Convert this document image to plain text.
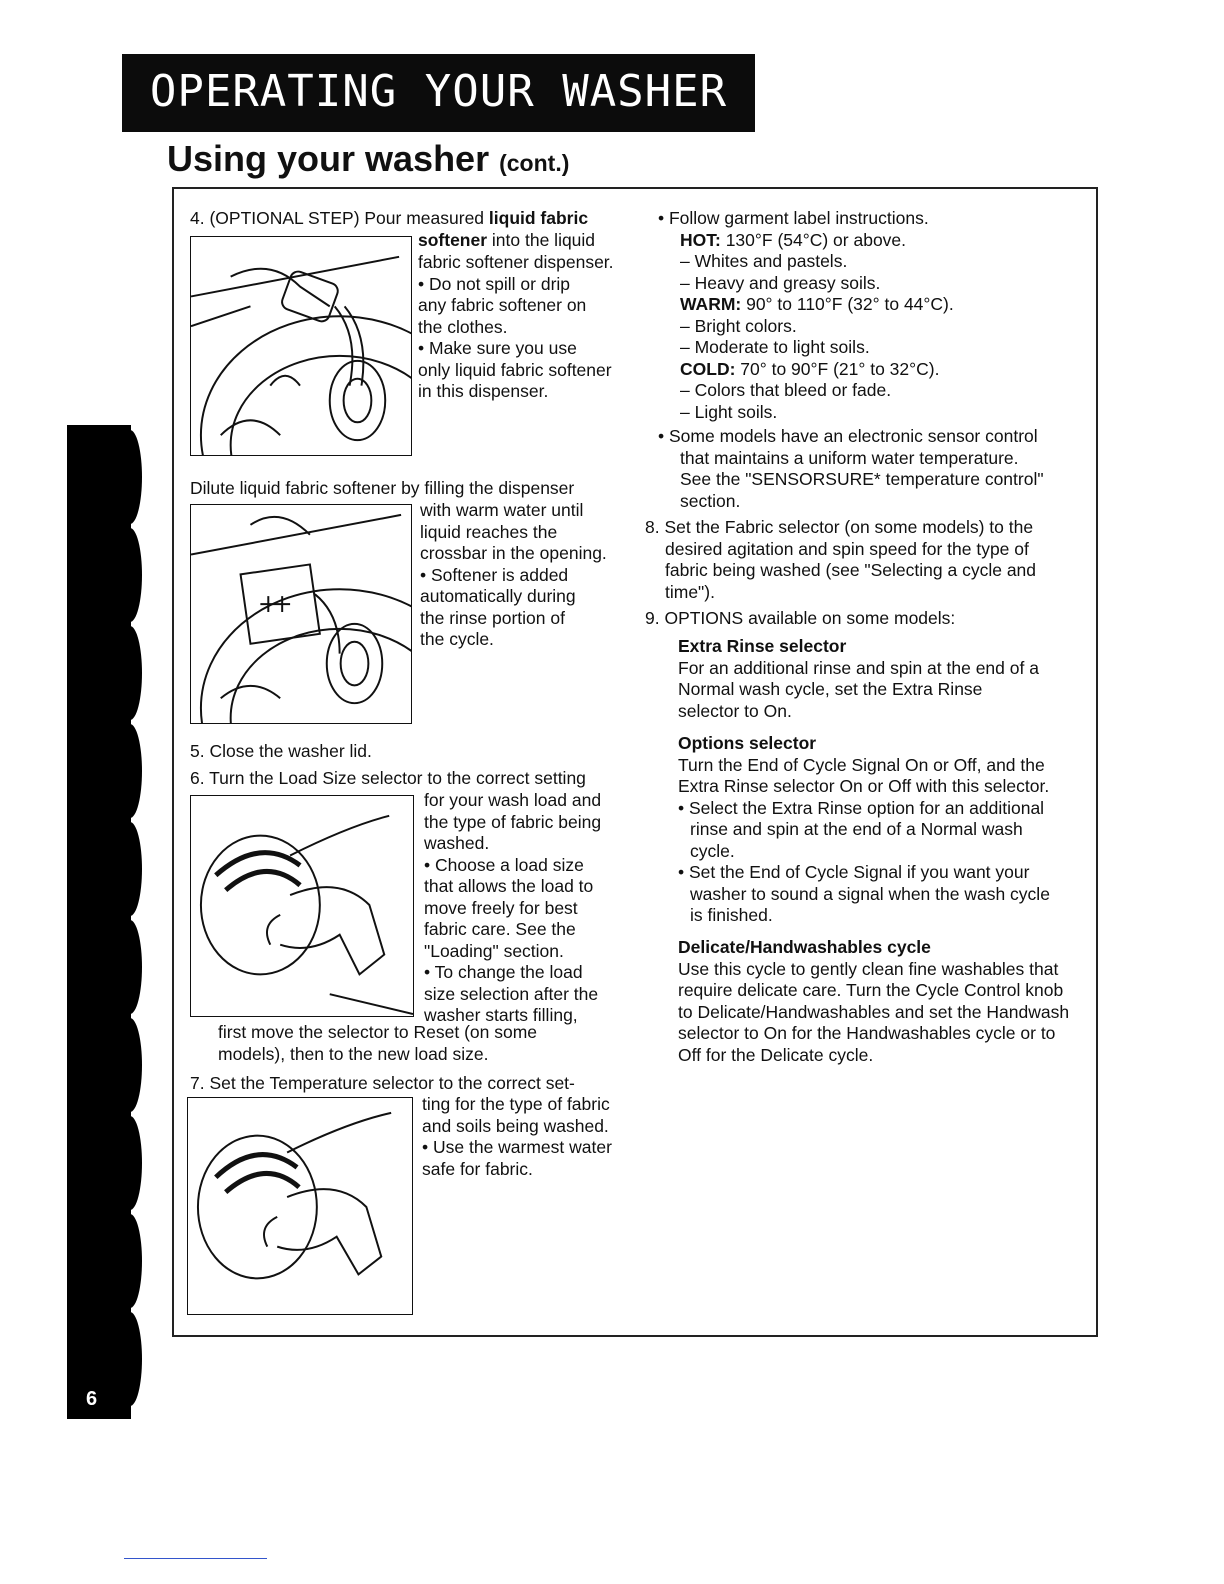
OPERATING YOUR WASHER
Using your washer (cont.)
6
4. (OPTIONAL STEP) Pour measured liquid fabric
softener into the liquid

fabric softener dispenser.

• Do not spill or drip

any fabric softener on

the clothes.

• Make sure you use

only liquid fabric softener

in this dispenser.

Dilute liquid fabric softener by filling the dispenser

with warm water until

liquid reaches the

crossbar in the opening.

• Softener is added

automatically during

the rinse portion of

the cycle.

5. Close the washer lid.
6. Turn the Load Size selector to the correct setting

for your wash load and

the type of fabric being

washed.

• Choose a load size

that allows the load to

move freely for best

fabric care. See the

"Loading" section.

• To change the load

size selection after the

washer starts filling,

first move the selector to Reset (on some

models), then to the new load size.

7. Set the Temperature selector to the correct set-

ting for the type of fabric

and soils being washed.

• Use the warmest water

safe for fabric.

• Follow garment label instructions.

HOT: 130°F (54°C) or above.

– Whites and pastels.

– Heavy and greasy soils.

WARM: 90° to 110°F (32° to 44°C).

– Bright colors.

– Moderate to light soils.

COLD: 70° to 90°F (21° to 32°C).

– Colors that bleed or fade.

– Light soils.

• Some models have an electronic sensor control

that maintains a uniform water temperature.

See the "SENSORSURE* temperature control"

section.

8. Set the Fabric selector (on some models) to the

desired agitation and spin speed for the type of

fabric being washed (see "Selecting a cycle and

time").

9. OPTIONS available on some models:

Extra Rinse selector

For an additional rinse and spin at the end of a

Normal wash cycle, set the Extra Rinse

selector to On.

Options selector

Turn the End of Cycle Signal On or Off, and the

Extra Rinse selector On or Off with this selector.

• Select the Extra Rinse option for an additional

rinse and spin at the end of a Normal wash

cycle.

• Set the End of Cycle Signal if you want your

washer to sound a signal when the wash cycle

is finished.

Delicate/Handwashables cycle

Use this cycle to gently clean fine washables that

require delicate care. Turn the Cycle Control knob

to Delicate/Handwashables and set the Handwash

selector to On for the Handwashables cycle or to

Off for the Delicate cycle.
